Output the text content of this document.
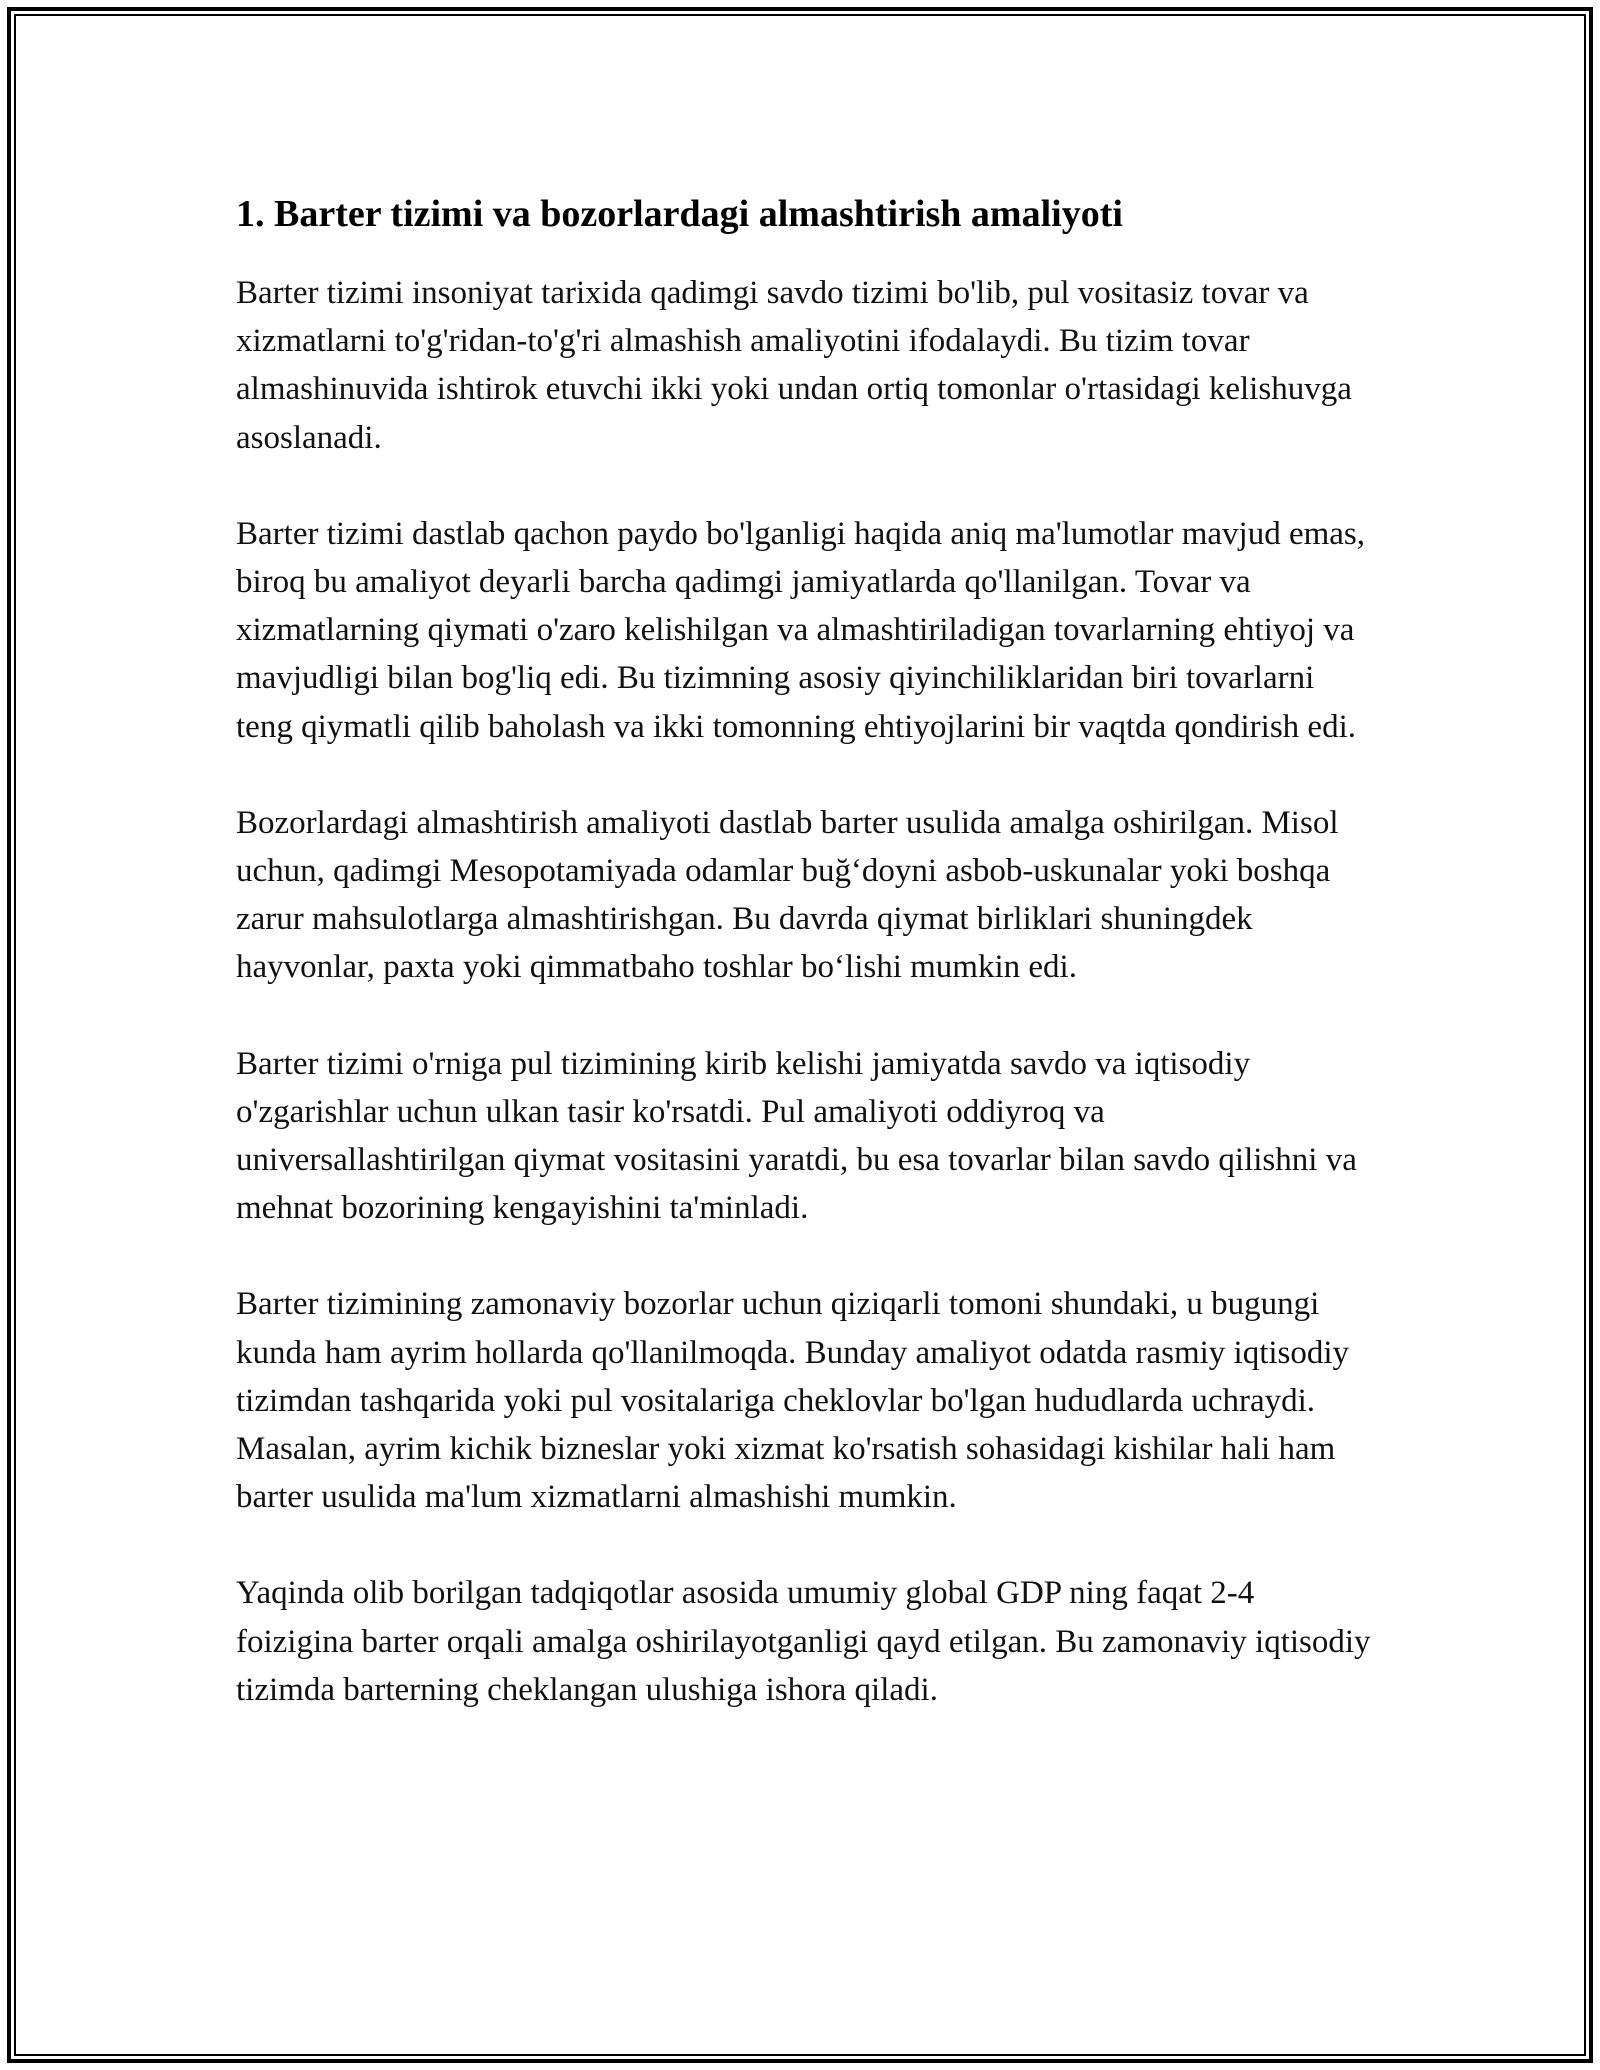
1. Barter tizimi va bozorlardagi almashtirish amaliyoti

Barter tizimi insoniyat tarixida qadimgi savdo tizimi bo'lib, pul vositasiz tovar va xizmatlarni to'g'ridan-to'g'ri almashish amaliyotini ifodalaydi. Bu tizim tovar almashinuvida ishtirok etuvchi ikki yoki undan ortiq tomonlar o'rtasidagi kelishuvga asoslanadi.

Barter tizimi dastlab qachon paydo bo'lganligi haqida aniq ma'lumotlar mavjud emas, biroq bu amaliyot deyarli barcha qadimgi jamiyatlarda qo'llanilgan. Tovar va xizmatlarning qiymati o'zaro kelishilgan va almashtiriladigan tovarlarning ehtiyoj va mavjudligi bilan bog'liq edi. Bu tizimning asosiy qiyinchiliklaridan biri tovarlarni teng qiymatli qilib baholash va ikki tomonning ehtiyojlarini bir vaqtda qondirish edi.

Bozorlardagi almashtirish amaliyoti dastlab barter usulida amalga oshirilgan. Misol uchun, qadimgi Mesopotamiyada odamlar buğ‘doyni asbob-uskunalar yoki boshqa zarur mahsulotlarga almashtirishgan. Bu davrda qiymat birliklari shuningdek hayvonlar, paxta yoki qimmatbaho toshlar bo‘lishi mumkin edi.

Barter tizimi o'rniga pul tizimining kirib kelishi jamiyatda savdo va iqtisodiy o'zgarishlar uchun ulkan tasir ko'rsatdi. Pul amaliyoti oddiyroq va universallashtirilgan qiymat vositasini yaratdi, bu esa tovarlar bilan savdo qilishni va mehnat bozorining kengayishini ta'minladi.

Barter tizimining zamonaviy bozorlar uchun qiziqarli tomoni shundaki, u bugungi kunda ham ayrim hollarda qo'llanilmoqda. Bunday amaliyot odatda rasmiy iqtisodiy tizimdan tashqarida yoki pul vositalariga cheklovlar bo'lgan hududlarda uchraydi. Masalan, ayrim kichik bizneslar yoki xizmat ko'rsatish sohasidagi kishilar hali ham barter usulida ma'lum xizmatlarni almashishi mumkin.

Yaqinda olib borilgan tadqiqotlar asosida umumiy global GDP ning faqat 2-4 foizigina barter orqali amalga oshirilayotganligi qayd etilgan. Bu zamonaviy iqtisodiy tizimda barterning cheklangan ulushiga ishora qiladi.
